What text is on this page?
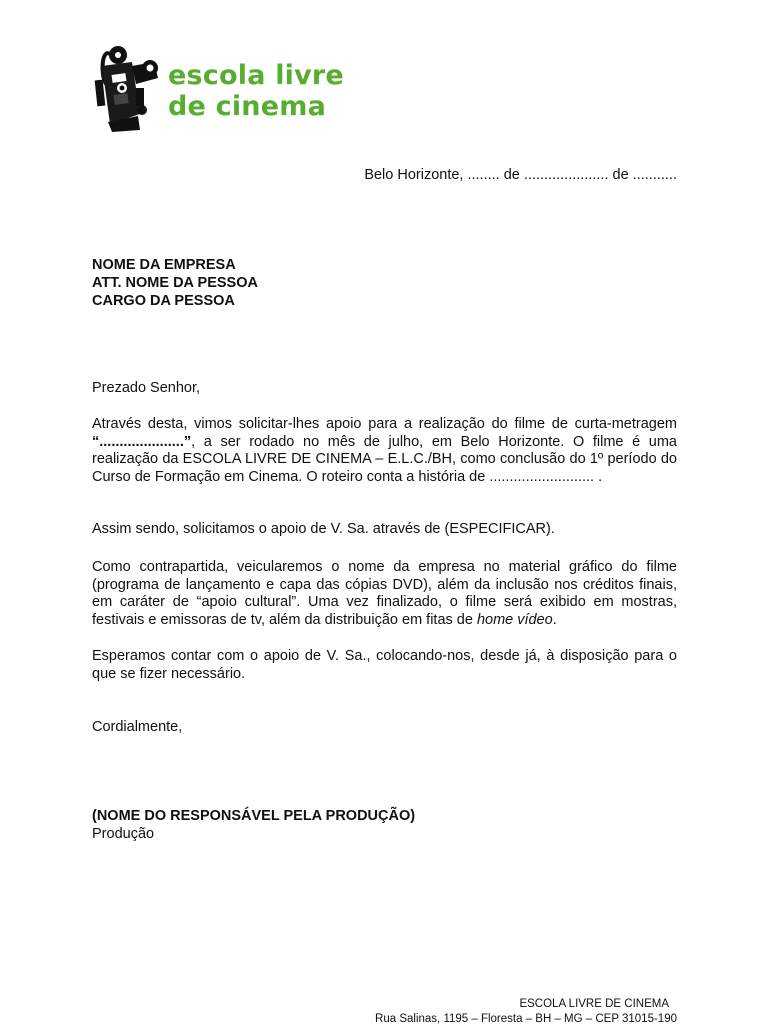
escola livre
de cinema
Belo Horizonte, ........ de ..................... de ...........
NOME DA EMPRESA
ATT. NOME DA PESSOA
CARGO DA PESSOA
Prezado Senhor,
Através desta, vimos solicitar-lhes apoio para a realização do filme de curta-metragem “.....................”, a ser rodado no mês de julho, em Belo Horizonte. O filme é uma realização da ESCOLA LIVRE DE CINEMA – E.L.C./BH, como conclusão do 1º período do Curso de Formação em Cinema. O roteiro conta a história de .......................... .
Assim sendo, solicitamos o apoio de V. Sa. através de (ESPECIFICAR).
Como contrapartida, veicularemos o nome da empresa no material gráfico do filme (programa de lançamento e capa das cópias DVD), além da inclusão nos créditos finais, em caráter de “apoio cultural”. Uma vez finalizado, o filme será exibido em mostras, festivais e emissoras de tv, além da distribuição em fitas de home vídeo.
Esperamos contar com o apoio de V. Sa., colocando-nos, desde já, à disposição para o que se fizer necessário.
Cordialmente,
(NOME DO RESPONSÁVEL PELA PRODUÇÃO)
Produção
ESCOLA LIVRE DE CINEMA
Rua Salinas, 1195 – Floresta – BH – MG – CEP 31015-190
